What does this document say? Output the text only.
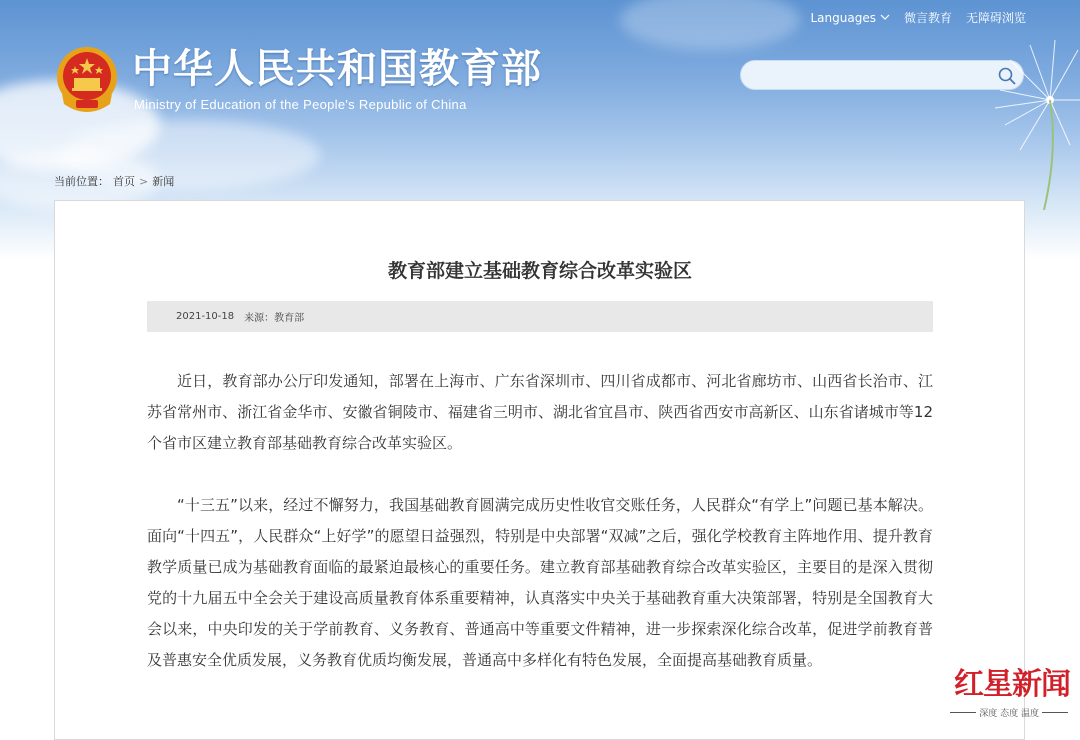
Languages 微言教育 无障碍浏览
中华人民共和国教育部
Ministry of Education of the People's Republic of China
当前位置： 首页 > 新闻
教育部建立基础教育综合改革实验区
2021-10-18 来源：教育部
近日，教育部办公厅印发通知，部署在上海市、广东省深圳市、四川省成都市、河北省廊坊市、山西省长治市、江苏省常州市、浙江省金华市、安徽省铜陵市、福建省三明市、湖北省宜昌市、陕西省西安市高新区、山东省诸城市等12个省市区建立教育部基础教育综合改革实验区。
“十三五”以来，经过不懈努力，我国基础教育圆满完成历史性收官交账任务，人民群众“有学上”问题已基本解决。面向“十四五”，人民群众“上好学”的愿望日益强烈，特别是中央部署“双减”之后，强化学校教育主阵地作用、提升教育教学质量已成为基础教育面临的最紧迫最核心的重要任务。建立教育部基础教育综合改革实验区，主要目的是深入贯彻党的十九届五中全会关于建设高质量教育体系重要精神，认真落实中央关于基础教育重大决策部署，特别是全国教育大会以来，中央印发的关于学前教育、义务教育、普通高中等重要文件精神，进一步探索深化综合改革，促进学前教育普及普惠安全优质发展，义务教育优质均衡发展，普通高中多样化有特色发展，全面提高基础教育质量。
红星新闻
深度 态度 温度
